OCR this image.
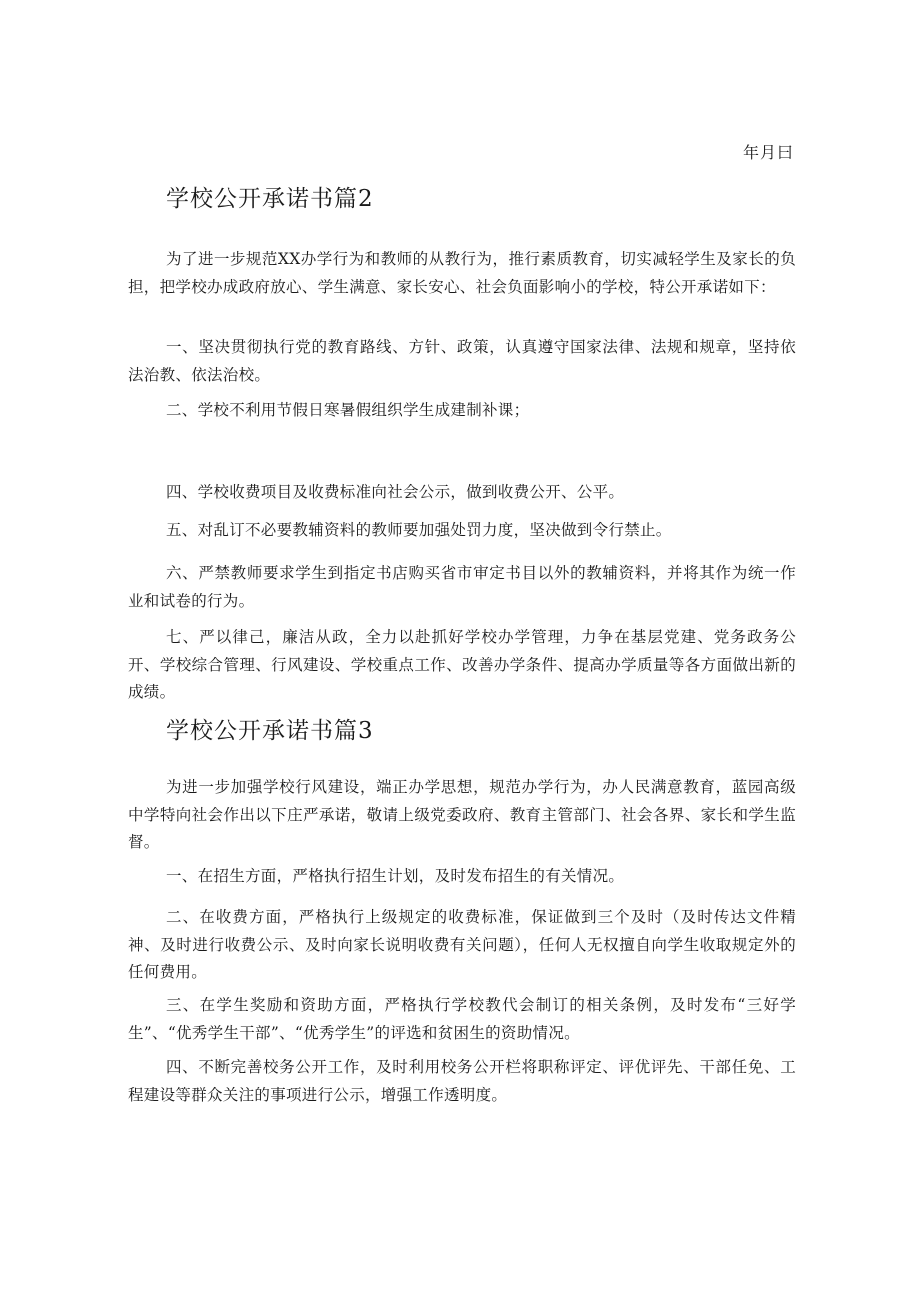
年月曰
学校公开承诺书篇2

为了进一步规范XX办学行为和教师的从教行为，推行素质教育，切实减轻学生及家长的负担，把学校办成政府放心、学生满意、家长安心、社会负面影响小的学校，特公开承诺如下：

一、坚决贯彻执行党的教育路线、方针、政策，认真遵守国家法律、法规和规章，坚持依法治教、依法治校。

二、学校不利用节假日寒暑假组织学生成建制补课；

四、学校收费项目及收费标准向社会公示，做到收费公开、公平。

五、对乱订不必要教辅资料的教师要加强处罚力度，坚决做到令行禁止。

六、严禁教师要求学生到指定书店购买省市审定书目以外的教辅资料，并将其作为统一作业和试卷的行为。

七、严以律己，廉洁从政，全力以赴抓好学校办学管理，力争在基层党建、党务政务公开、学校综合管理、行风建设、学校重点工作、改善办学条件、提高办学质量等各方面做出新的成绩。

学校公开承诺书篇3

为进一步加强学校行风建设，端正办学思想，规范办学行为，办人民满意教育，蓝园高级中学特向社会作出以下庄严承诺，敬请上级党委政府、教育主管部门、社会各界、家长和学生监督。

一、在招生方面，严格执行招生计划，及时发布招生的有关情况。

二、在收费方面，严格执行上级规定的收费标准，保证做到三个及时（及时传达文件精神、及时进行收费公示、及时向家长说明收费有关问题），任何人无权擅自向学生收取规定外的任何费用。

三、在学生奖励和资助方面，严格执行学校教代会制订的相关条例，及时发布“三好学生”、“优秀学生干部”、“优秀学生”的评选和贫困生的资助情况。

四、不断完善校务公开工作，及时利用校务公开栏将职称评定、评优评先、干部任免、工程建设等群众关注的事项进行公示，增强工作透明度。
